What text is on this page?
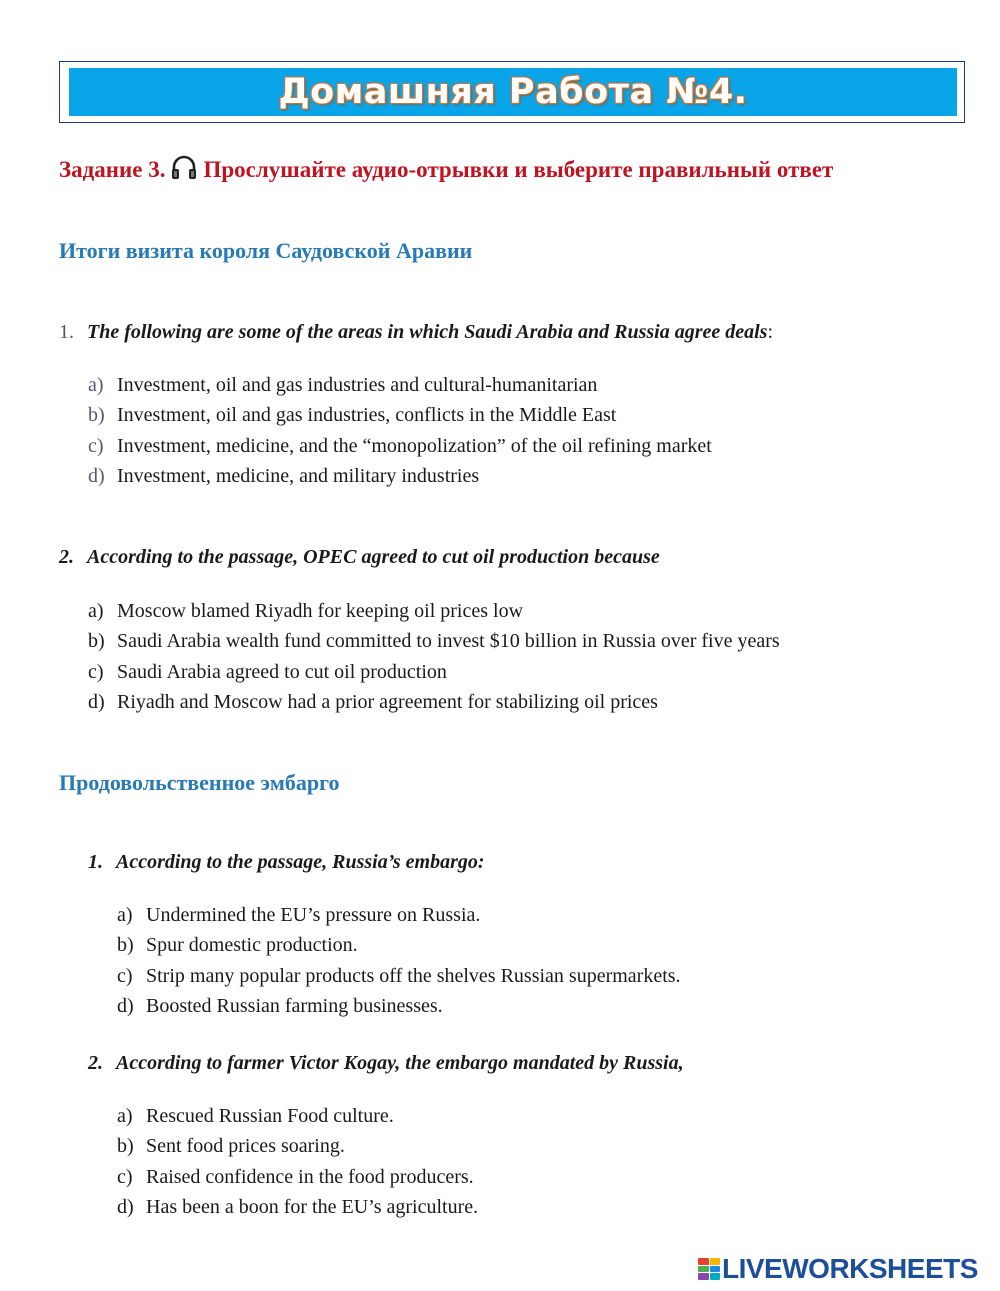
Домашняя Работа №4.
Задание 3. Прослушайте аудио-отрывки и выберите правильный ответ
Итоги визита короля Саудовской Аравии
1. The following are some of the areas in which Saudi Arabia and Russia agree deals:
a) Investment, oil and gas industries and cultural-humanitarian
b) Investment, oil and gas industries, conflicts in the Middle East
c) Investment, medicine, and the “monopolization” of the oil refining market
d) Investment, medicine, and military industries
2. According to the passage, OPEC agreed to cut oil production because
a) Moscow blamed Riyadh for keeping oil prices low
b) Saudi Arabia wealth fund committed to invest $10 billion in Russia over five years
c) Saudi Arabia agreed to cut oil production
d) Riyadh and Moscow had a prior agreement for stabilizing oil prices
Продовольственное эмбарго
1. According to the passage, Russia’s embargo:
a) Undermined the EU’s pressure on Russia.
b) Spur domestic production.
c) Strip many popular products off the shelves Russian supermarkets.
d) Boosted Russian farming businesses.
2. According to farmer Victor Kogay, the embargo mandated by Russia,
a) Rescued Russian Food culture.
b) Sent food prices soaring.
c) Raised confidence in the food producers.
d) Has been a boon for the EU’s agriculture.
LIVEWORKSHEETS
